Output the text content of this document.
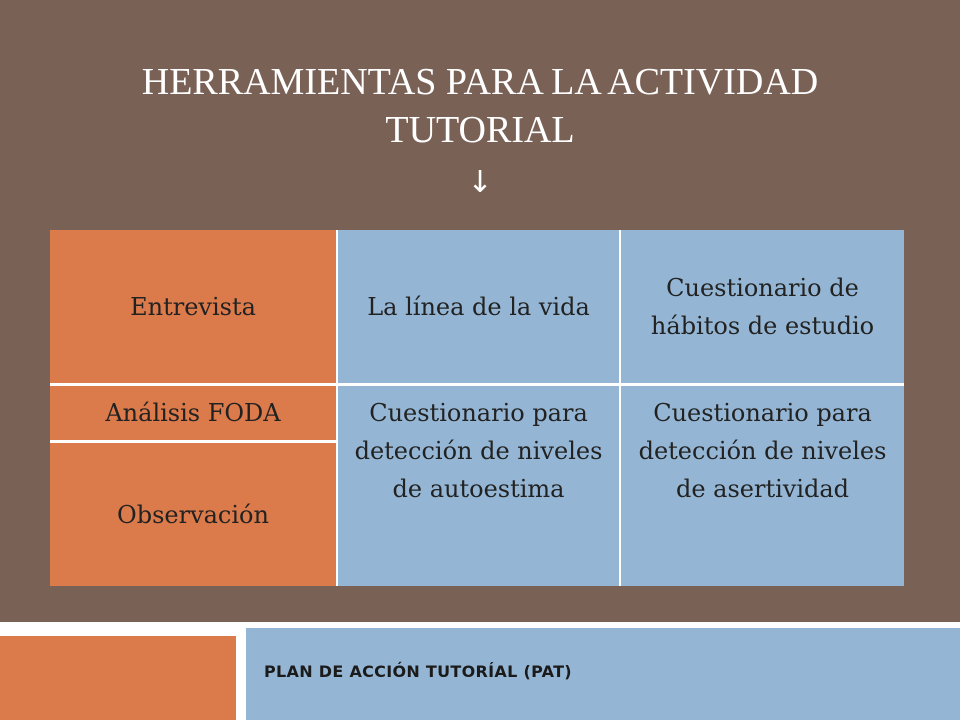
HERRAMIENTAS PARA LA ACTIVIDAD
TUTORIAL
↓
Entrevista	La línea de la vida
Cuestionario de hábitos de estudio
Análisis FODA
Observación
Cuestionario para detección de niveles de autoestima
Cuestionario para detección de niveles de asertividad
PLAN DE ACCIÓN TUTORÍAL (PAT)
